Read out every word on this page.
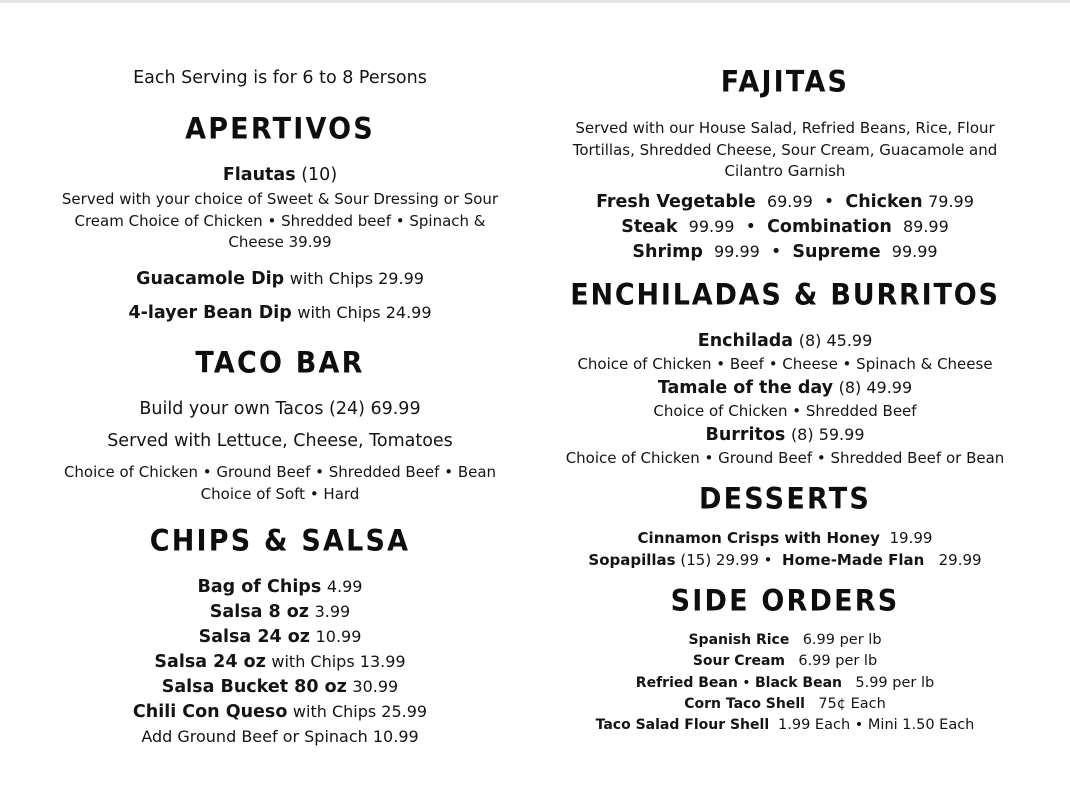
Each Serving is for 6 to 8 Persons
APERTIVOS
Flautas (10)
Served with your choice of Sweet & Sour Dressing or Sour Cream Choice of Chicken • Shredded beef • Spinach & Cheese 39.99
Guacamole Dip with Chips 29.99
4-layer Bean Dip with Chips 24.99
TACO BAR
Build your own Tacos (24) 69.99
Served with Lettuce, Cheese, Tomatoes
Choice of Chicken • Ground Beef • Shredded Beef • Bean
Choice of Soft • Hard
CHIPS & SALSA
Bag of Chips 4.99
Salsa 8 oz 3.99
Salsa 24 oz 10.99
Salsa 24 oz with Chips 13.99
Salsa Bucket 80 oz 30.99
Chili Con Queso with Chips 25.99
Add Ground Beef or Spinach 10.99
FAJITAS
Served with our House Salad, Refried Beans, Rice, Flour Tortillas, Shredded Cheese, Sour Cream, Guacamole and Cilantro Garnish
Fresh Vegetable 69.99 • Chicken 79.99
Steak 99.99 • Combination 89.99
Shrimp 99.99 • Supreme 99.99
ENCHILADAS & BURRITOS
Enchilada (8) 45.99
Choice of Chicken • Beef • Cheese • Spinach & Cheese
Tamale of the day (8) 49.99
Choice of Chicken • Shredded Beef
Burritos (8) 59.99
Choice of Chicken • Ground Beef • Shredded Beef or Bean
DESSERTS
Cinnamon Crisps with Honey 19.99
Sopapillas (15) 29.99 • Home-Made Flan 29.99
SIDE ORDERS
Spanish Rice 6.99 per lb
Sour Cream 6.99 per lb
Refried Bean • Black Bean 5.99 per lb
Corn Taco Shell 75¢ Each
Taco Salad Flour Shell 1.99 Each • Mini 1.50 Each
